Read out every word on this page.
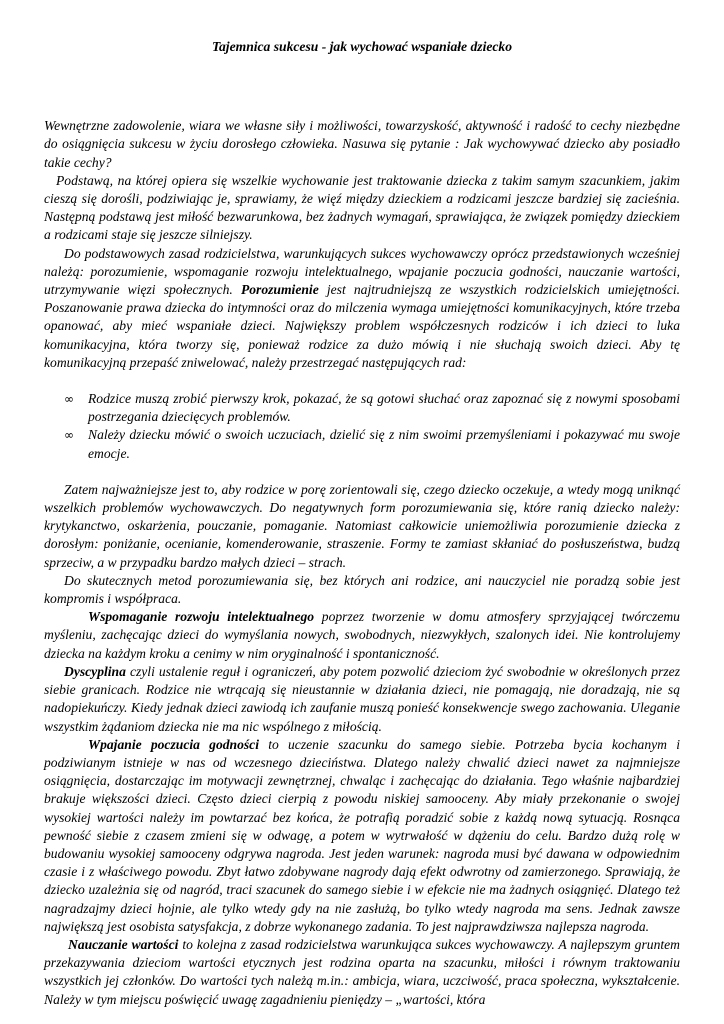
Tajemnica sukcesu - jak wychować wspaniałe dziecko

Wewnętrzne zadowolenie, wiara we własne siły i możliwości, towarzyskość, aktywność i radość to cechy niezbędne do osiągnięcia sukcesu w życiu dorosłego człowieka. Nasuwa się pytanie : Jak wychowywać dziecko aby posiadło takie cechy?

Podstawą, na której opiera się wszelkie wychowanie jest traktowanie dziecka z takim samym szacunkiem, jakim cieszą się dorośli, podziwiając je, sprawiamy, że więź między dzieckiem a rodzicami jeszcze bardziej się zacieśnia. Następną podstawą jest miłość bezwarunkowa, bez żadnych wymagań, sprawiająca, że związek pomiędzy dzieckiem a rodzicami staje się jeszcze silniejszy.

Do podstawowych zasad rodzicielstwa, warunkujących sukces wychowawczy oprócz przedstawionych wcześniej należą: porozumienie, wspomaganie rozwoju intelektualnego, wpajanie poczucia godności, nauczanie wartości, utrzymywanie więzi społecznych. Porozumienie jest najtrudniejszą ze wszystkich rodzicielskich umiejętności. Poszanowanie prawa dziecka do intymności oraz do milczenia wymaga umiejętności komunikacyjnych, które trzeba opanować, aby mieć wspaniałe dzieci. Największy problem współczesnych rodziców i ich dzieci to luka komunikacyjna, która tworzy się, ponieważ rodzice za dużo mówią i nie słuchają swoich dzieci. Aby tę komunikacyjną przepaść zniwelować, należy przestrzegać następujących rad:

∞ Rodzice muszą zrobić pierwszy krok, pokazać, że są gotowi słuchać oraz zapoznać się z nowymi sposobami postrzegania dziecięcych problemów.
∞ Należy dziecku mówić o swoich uczuciach, dzielić się z nim swoimi przemyśleniami i pokazywać mu swoje emocje.

Zatem najważniejsze jest to, aby rodzice w porę zorientowali się, czego dziecko oczekuje, a wtedy mogą uniknąć wszelkich problemów wychowawczych. Do negatywnych form porozumiewania się, które ranią dziecko należy: krytykanctwo, oskarżenia, pouczanie, pomaganie. Natomiast całkowicie uniemożliwia porozumienie dziecka z dorosłym: poniżanie, ocenianie, komenderowanie, straszenie. Formy te zamiast skłaniać do posłuszeństwa, budzą sprzeciw, a w przypadku bardzo małych dzieci – strach.

Do skutecznych metod porozumiewania się, bez których ani rodzice, ani nauczyciel nie poradzą sobie jest kompromis i współpraca.

Wspomaganie rozwoju intelektualnego poprzez tworzenie w domu atmosfery sprzyjającej twórczemu myśleniu, zachęcając dzieci do wymyślania nowych, swobodnych, niezwykłych, szalonych idei. Nie kontrolujemy dziecka na każdym kroku a cenimy w nim oryginalność i spontaniczność.

Dyscyplina czyli ustalenie reguł i ograniczeń, aby potem pozwolić dzieciom żyć swobodnie w określonych przez siebie granicach. Rodzice nie wtrącają się nieustannie w działania dzieci, nie pomagają, nie doradzają, nie są nadopiekuńczy. Kiedy jednak dzieci zawiodą ich zaufanie muszą ponieść konsekwencje swego zachowania. Uleganie wszystkim żądaniom dziecka nie ma nic wspólnego z miłością.

Wpajanie poczucia godności to uczenie szacunku do samego siebie. Potrzeba bycia kochanym i podziwianym istnieje w nas od wczesnego dzieciństwa. Dlatego należy chwalić dzieci nawet za najmniejsze osiągnięcia, dostarczając im motywacji zewnętrznej, chwaląc i zachęcając do działania. Tego właśnie najbardziej brakuje większości dzieci. Często dzieci cierpią z powodu niskiej samooceny. Aby miały przekonanie o swojej wysokiej wartości należy im powtarzać bez końca, że potrafią poradzić sobie z każdą nową sytuacją. Rosnąca pewność siebie z czasem zmieni się w odwagę, a potem w wytrwałość w dążeniu do celu. Bardzo dużą rolę w budowaniu wysokiej samooceny odgrywa nagroda. Jest jeden warunek: nagroda musi być dawana w odpowiednim czasie i z właściwego powodu. Zbyt łatwo zdobywane nagrody dają efekt odwrotny od zamierzonego. Sprawiają, że dziecko uzależnia się od nagród, traci szacunek do samego siebie i w efekcie nie ma żadnych osiągnięć. Dlatego też nagradzajmy dzieci hojnie, ale tylko wtedy gdy na nie zasłużą, bo tylko wtedy nagroda ma sens. Jednak zawsze największą jest osobista satysfakcja, z dobrze wykonanego zadania. To jest najprawdziwsza najlepsza nagroda.

Nauczanie wartości to kolejna z zasad rodzicielstwa warunkująca sukces wychowawczy. A najlepszym gruntem przekazywania dzieciom wartości etycznych jest rodzina oparta na szacunku, miłości i równym traktowaniu wszystkich jej członków. Do wartości tych należą m.in.: ambicja, wiara, uczciwość, praca społeczna, wykształcenie. Należy w tym miejscu poświęcić uwagę zagadnieniu pieniędzy – „wartości, która
